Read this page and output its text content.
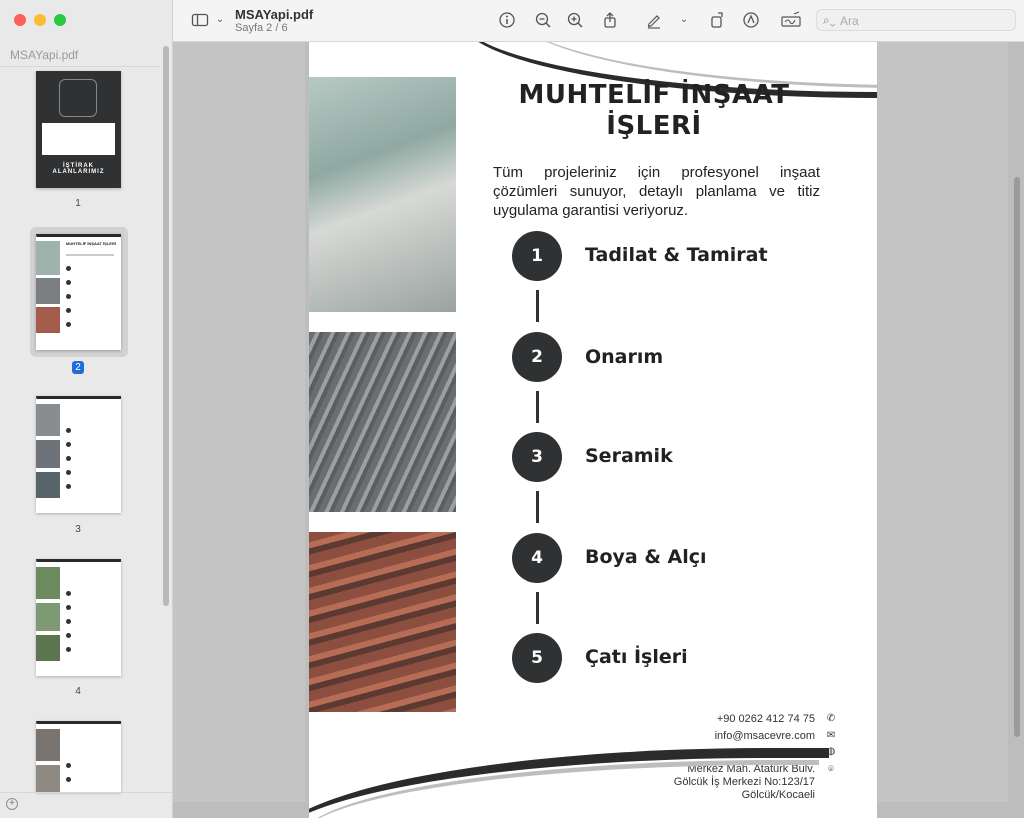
MSAYapi.pdf
İŞTİRAK ALANLARIMIZ
1
MUHTELİF İNŞAAT İŞLERİ
2
3
4
+
⌄ MSAYapi.pdf
Sayfa 2 / 6
⌄	⌕⌄ Ara
MUHTELİF İNŞAAT İŞLERİ
Tüm projeleriniz için profesyonel inşaat çözümleri sunuyor, detaylı planlama ve titiz uygulama garantisi veriyoruz.
1	Tadilat & Tamirat
2	Onarım
3	Seramik
4	Boya & Alçı
5	Çatı İşleri
+90 0262 412 74 75 ✆
info@msacevre.com ✉
msacevre.com ◍
Merkez Mah. Atatürk Bulv.	⌾
Gölcük İş Merkezi No:123/17
Gölcük/Kocaeli
